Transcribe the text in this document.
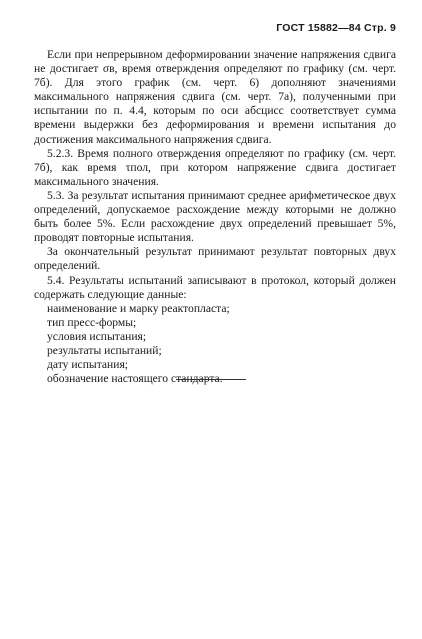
ГОСТ 15882—84 Стр. 9

Если при непрерывном деформировании значение напряжения сдвига не достигает σв, время отверждения определяют по графику (см. черт. 7б). Для этого график (см. черт. 6) дополняют значениями максимального напряжения сдвига (см. черт. 7а), полученными при испытании по п. 4.4, которым по оси абсцисс соответствует сумма времени выдержки без деформирования и времени испытания до достижения максимального напряжения сдвига.

5.2.3. Время полного отверждения определяют по графику (см. черт. 7б), как время τпол, при котором напряжение сдвига достигает максимального значения.

5.3. За результат испытания принимают среднее арифметическое двух определений, допускаемое расхождение между которыми не должно быть более 5%. Если расхождение двух определений превышает 5%, проводят повторные испытания.

За окончательный результат принимают результат повторных двух определений.

5.4. Результаты испытаний записывают в протокол, который должен содержать следующие данные:

наименование и марку реактопласта;

тип пресс-формы;

условия испытания;

результаты испытаний;

дату испытания;

обозначение настоящего стандарта.
